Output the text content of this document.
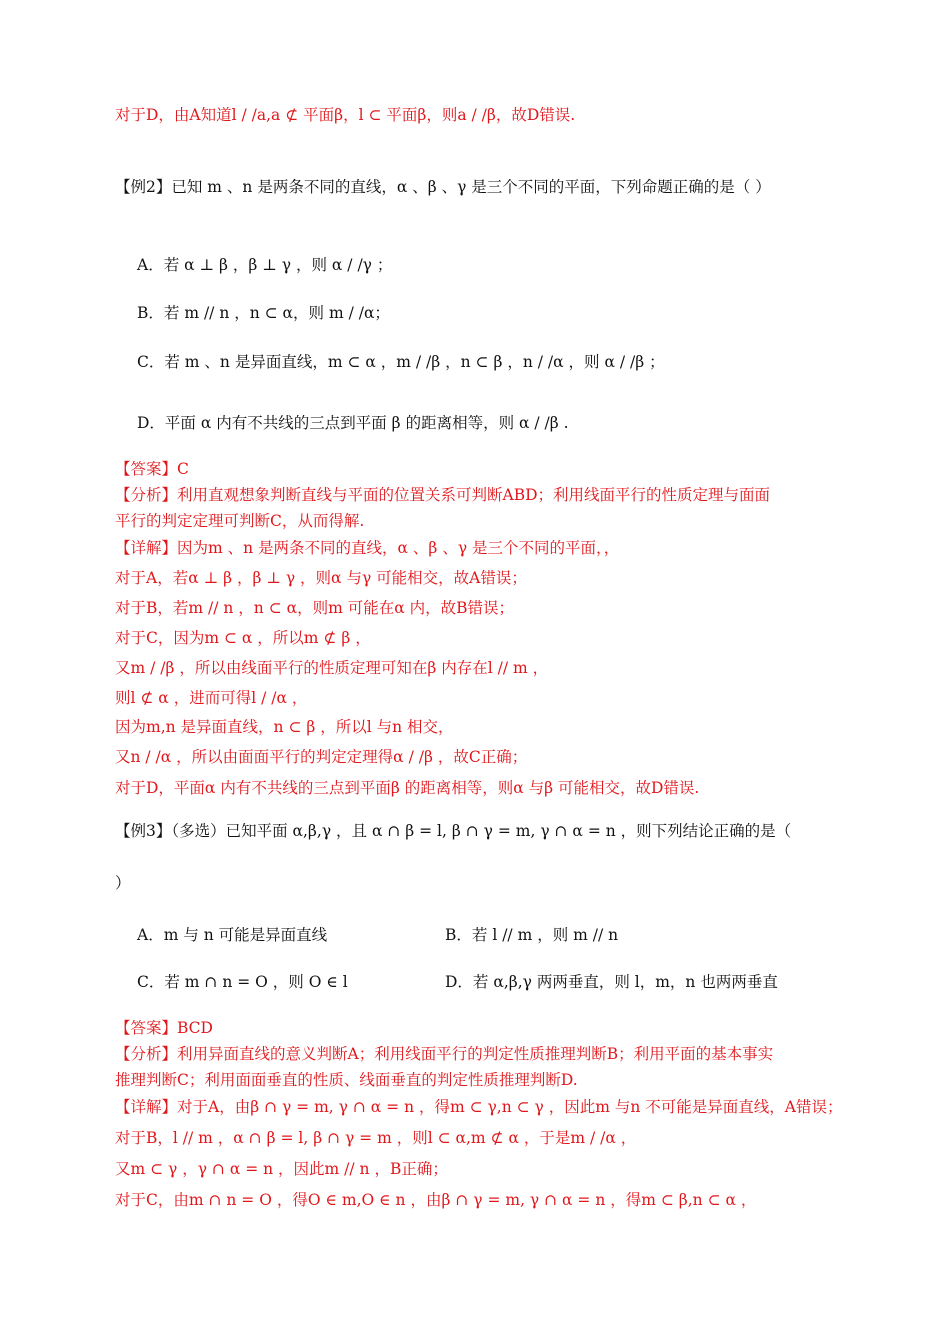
对于D，由A知道l / /a,a ⊄ 平面β，l ⊂ 平面β，则a / /β，故D错误.
【例2】已知 m 、n 是两条不同的直线，α 、β 、γ 是三个不同的平面，下列命题正确的是（ ）
A．若 α ⊥ β ，β ⊥ γ ，则 α / /γ ；
B．若 m // n ，n ⊂ α，则 m / /α；
C．若 m 、n 是异面直线，m ⊂ α ，m / /β ，n ⊂ β ，n / /α ，则 α / /β ；
D．平面 α 内有不共线的三点到平面 β 的距离相等，则 α / /β .
【答案】C
【分析】利用直观想象判断直线与平面的位置关系可判断ABD；利用线面平行的性质定理与面面
平行的判定定理可判断C，从而得解.
【详解】因为m 、n 是两条不同的直线，α 、β 、γ 是三个不同的平面，，
对于A，若α ⊥ β ，β ⊥ γ ，则α 与γ 可能相交，故A错误；
对于B，若m // n ，n ⊂ α，则m 可能在α 内，故B错误；
对于C，因为m ⊂ α ，所以m ⊄ β ，
又m / /β ，所以由线面平行的性质定理可知在β 内存在l // m ，
则l ⊄ α ，进而可得l / /α ，
因为m,n 是异面直线，n ⊂ β ，所以l 与n 相交，
又n / /α ，所以由面面平行的判定定理得α / /β ，故C正确；
对于D，平面α 内有不共线的三点到平面β 的距离相等，则α 与β 可能相交，故D错误.
【例3】（多选）已知平面 α,β,γ ，且 α ∩ β = l, β ∩ γ = m, γ ∩ α = n ，则下列结论正确的是（
）
A．m 与 n 可能是异面直线	B．若 l // m ，则 m // n
C．若 m ∩ n = O ，则 O ∈ l	D．若 α,β,γ 两两垂直，则 l，m，n 也两两垂直
【答案】BCD
【分析】利用异面直线的意义判断A；利用线面平行的判定性质推理判断B；利用平面的基本事实
推理判断C；利用面面垂直的性质、线面垂直的判定性质推理判断D.
【详解】对于A，由β ∩ γ = m, γ ∩ α = n ，得m ⊂ γ,n ⊂ γ ，因此m 与n 不可能是异面直线，A错误；
对于B，l // m ，α ∩ β = l, β ∩ γ = m ，则l ⊂ α,m ⊄ α ，于是m / /α ，
又m ⊂ γ ，γ ∩ α = n ，因此m // n ，B正确；
对于C，由m ∩ n = O ，得O ∈ m,O ∈ n ，由β ∩ γ = m, γ ∩ α = n ，得m ⊂ β,n ⊂ α ，
